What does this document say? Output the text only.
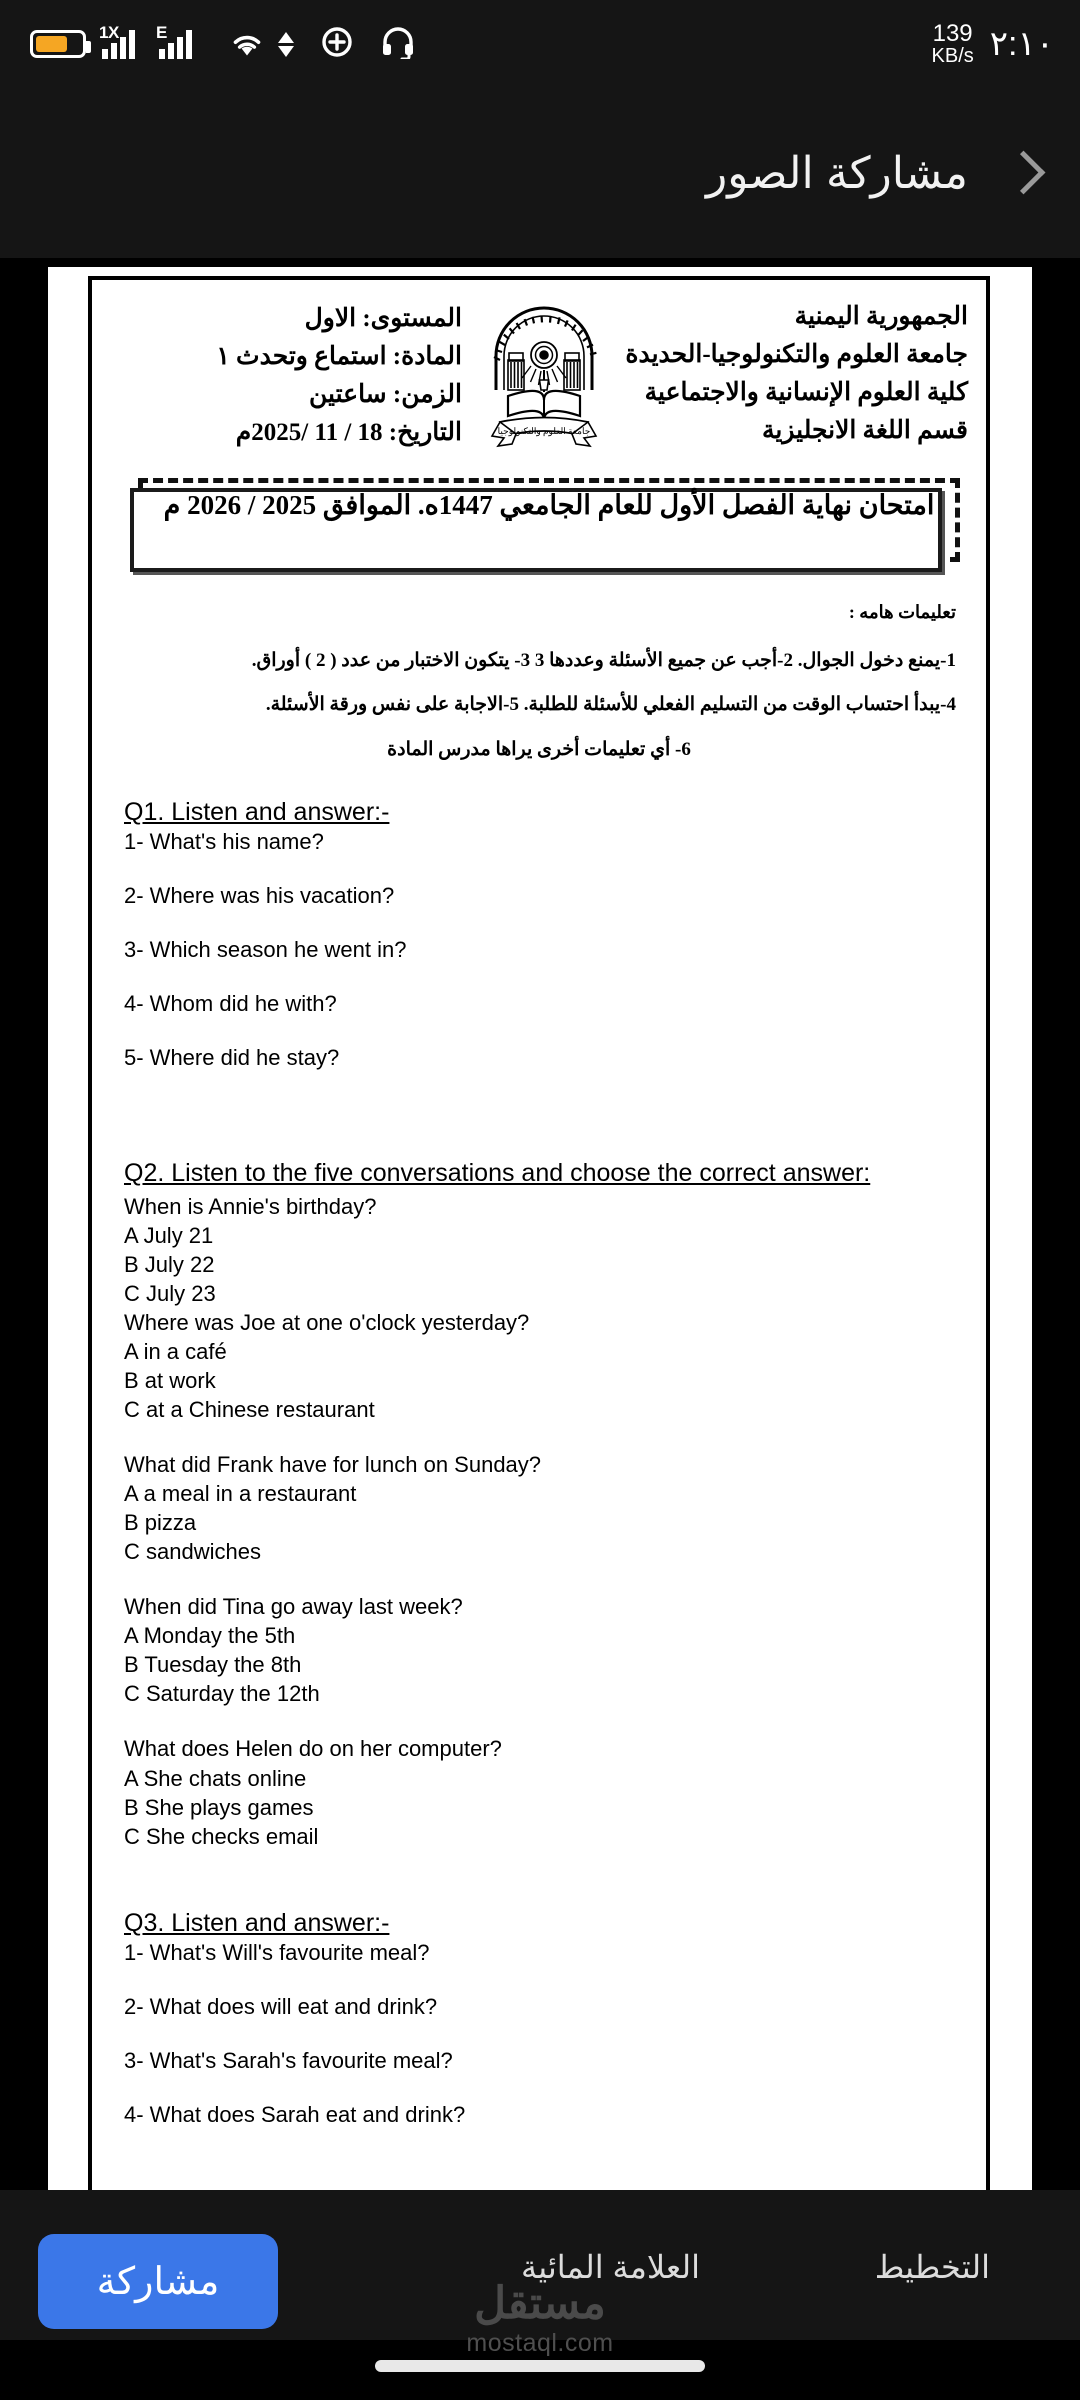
1X E	139
KB/s ٢:١٠
مشاركة الصور
المستوى: الاول
المادة: استماع وتحدث ١
الزمن: ساعتين
التاريخ: 18 / 11 /2025م	جامعة العلوم والتكنولوجيا
الجمهورية اليمنية
جامعة العلوم والتكنولوجيا-الحديدة
كلية العلوم الإنسانية والاجتماعية
قسم اللغة الانجليزية
امتحان نهاية الفصل الأول للعام الجامعي 1447ه. الموافق 2025 / 2026 م
تعليمات هامه :
1-يمنع دخول الجوال. 2-أجب عن جميع الأسئلة وعددها 3 3- يتكون الاختبار من عدد ( 2 ) أوراق.
4-يبدأ احتساب الوقت من التسليم الفعلي للأسئلة للطلبة. 5-الاجابة على نفس ورقة الأسئلة.
6- أي تعليمات أخرى يراها مدرس المادة
Q1. Listen and answer:-
1- What's his name?
2- Where was his vacation?
3- Which season he went in?
4- Whom did he with?
5- Where did he stay?
Q2. Listen to the five conversations and choose the correct answer:
When is Annie's birthday?
A July 21
B July 22
C July 23
Where was Joe at one o'clock yesterday?
A in a café
B at work
C at a Chinese restaurant
What did Frank have for lunch on Sunday?
A a meal in a restaurant
B pizza
C sandwiches
When did Tina go away last week?
A Monday the 5th
B Tuesday the 8th
C Saturday the 12th
What does Helen do on her computer?
A She chats online
B She plays games
C She checks email
Q3. Listen and answer:-
1- What's Will's favourite meal?
2- What does will eat and drink?
3- What's Sarah's favourite meal?
4- What does Sarah eat and drink?
مشاركة	العلامة المائية	التخطيط
مستقل
mostaql.com
